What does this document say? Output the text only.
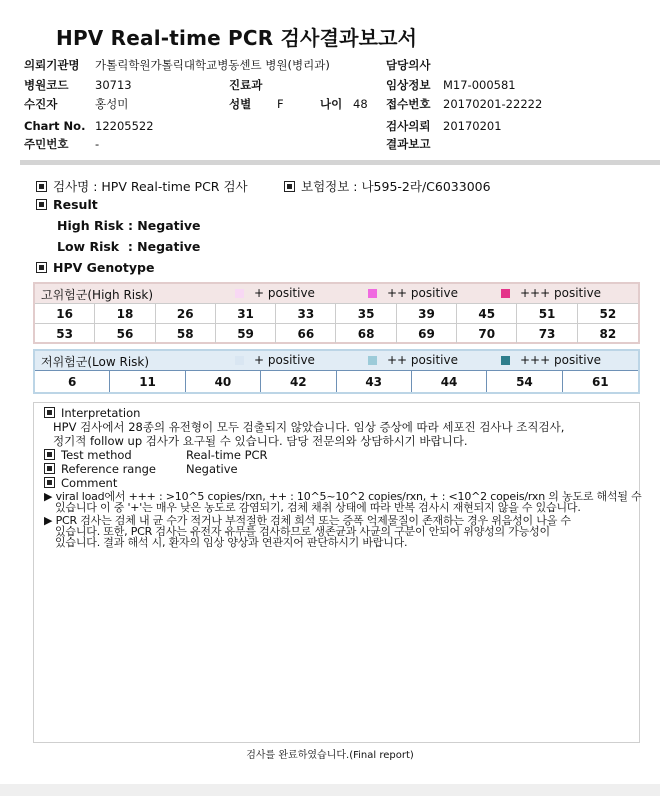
HPV Real-time PCR 검사결과보고서
의뢰기관명 가톨릭학원가톨릭대학교병동센트 병원(병리과)
병원코드 30713	진료과
수진자	홍성미	성별 F	나이 48
Chart No. 12205522
주민번호 -
담당의사
임상정보 M17-000581
접수번호 20170201-22222
검사의뢰 20170201
결과보고
검사명 : HPV Real-time PCR 검사	보험정보 : 나595-2라/C6033006
Result
High Risk : Negative
Low Risk  : Negative
HPV Genotype
고위험군(High Risk)	+ positive	++ positive	+++ positive
16	18	26	31	33	35	39	45	51	52
53	56	58	59	66	68	69	70	73	82
저위험군(Low Risk)	+ positive	++ positive	+++ positive
6	11	40	42	43	44	54	61
Interpretation
HPV 검사에서 28종의 유전형이 모두 검출되지 않았습니다. 임상 증상에 따라 세포진 검사나 조직검사,
정기적 follow up 검사가 요구될 수 있습니다. 담당 전문의와 상담하시기 바랍니다.
Test method	Real-time PCR
Reference range	Negative
Comment
▶ viral load에서 +++ : >10^5 copies/rxn, ++ : 10^5~10^2 copies/rxn, + : <10^2 copeis/rxn 의 농도로 해석될 수
있습니다 이 중 '+'는 매우 낮은 농도로 감염되기, 검체 채취 상태에 따라 반복 검사시 재현되지 않을 수 있습니다.
▶ PCR 검사는 검체 내 균 수가 적거나 부적절한 검체 희석 또는 증폭 억제물질이 존재하는 경우 위음성이 나올 수
있습니다. 또한, PCR 검사는 유전자 유무를 검사하므로 생존균과 사균의 구분이 안되어 위양성의 가능성이
있습니다. 결과 해석 시, 환자의 임상 양상과 연관지어 판단하시기 바랍니다.
검사를 완료하였습니다.(Final report)
